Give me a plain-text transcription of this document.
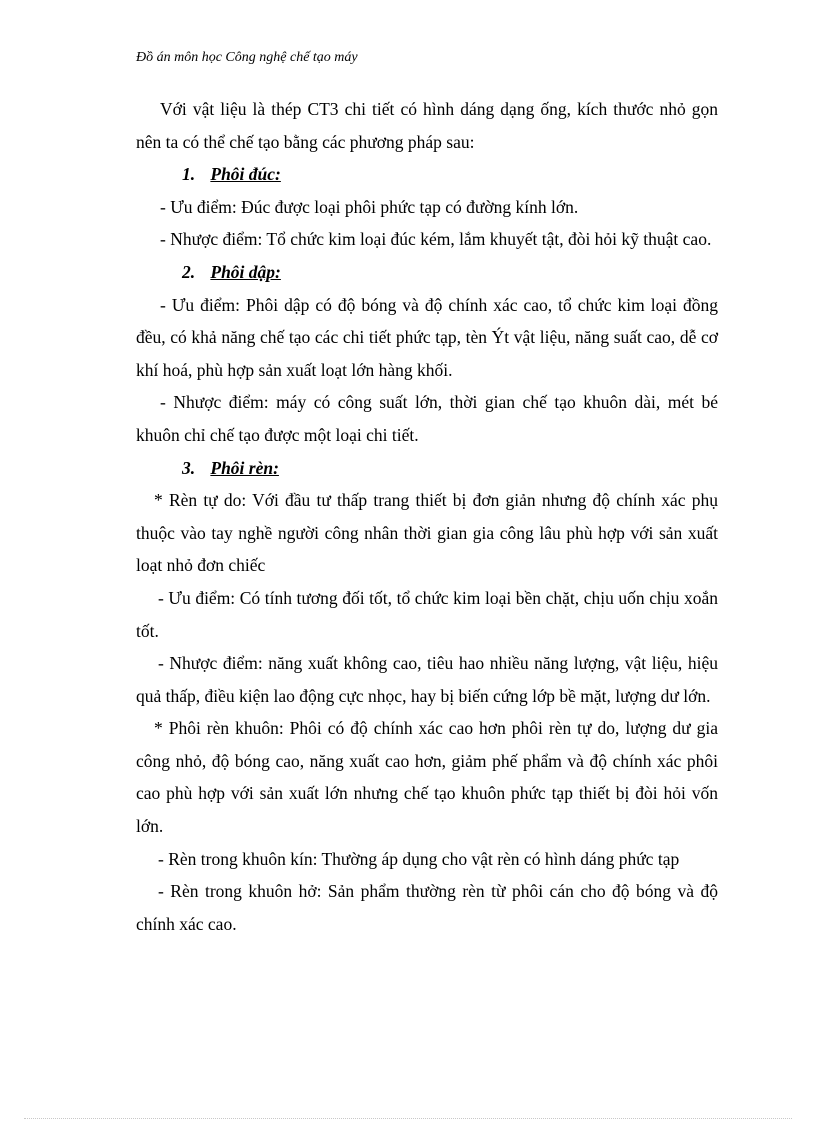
Đồ án môn học Công nghệ chế tạo máy

Với vật liệu là thép CT3 chi tiết có hình dáng dạng ống, kích thước nhỏ gọn nên ta có thể chế tạo bằng các phương pháp sau:

1. Phôi đúc:

- Ưu điểm: Đúc được loại phôi phức tạp có đường kính lớn.

- Nhược điểm: Tổ chức kim loại đúc kém, lắm khuyết tật, đòi hỏi kỹ thuật cao.

2. Phôi dập:

- Ưu điểm: Phôi dập có độ bóng và độ chính xác cao, tổ chức kim loại đồng đều, có khả năng chế tạo các chi tiết phức tạp, tèn Ýt vật liệu, năng suất cao, dễ cơ khí hoá, phù hợp sản xuất loạt lớn hàng khối.

- Nhược điểm: máy có công suất lớn, thời gian chế tạo khuôn dài, mét bé khuôn chỉ chế tạo được một loại chi tiết.

3. Phôi rèn:

* Rèn tự do: Với đầu tư thấp trang thiết bị đơn giản nhưng độ chính xác phụ thuộc vào tay nghề người công nhân thời gian gia công lâu phù hợp với sản xuất loạt nhỏ đơn chiếc

- Ưu điểm: Có tính tương đối tốt, tổ chức kim loại bền chặt, chịu uốn chịu xoắn tốt.

- Nhược điểm: năng xuất không cao, tiêu hao nhiều năng lượng, vật liệu, hiệu quả thấp, điều kiện lao động cực nhọc, hay bị biến cứng lớp bề mặt, lượng dư lớn.

* Phôi rèn khuôn: Phôi có độ chính xác cao hơn phôi rèn tự do, lượng dư gia công nhỏ, độ bóng cao, năng xuất cao hơn, giảm phế phẩm và độ chính xác phôi cao phù hợp với sản xuất lớn nhưng chế tạo khuôn phức tạp thiết bị đòi hỏi vốn lớn.

- Rèn trong khuôn kín: Thường áp dụng cho vật rèn có hình dáng phức tạp

- Rèn trong khuôn hở: Sản phẩm thường rèn từ phôi cán cho độ bóng và độ chính xác cao.
